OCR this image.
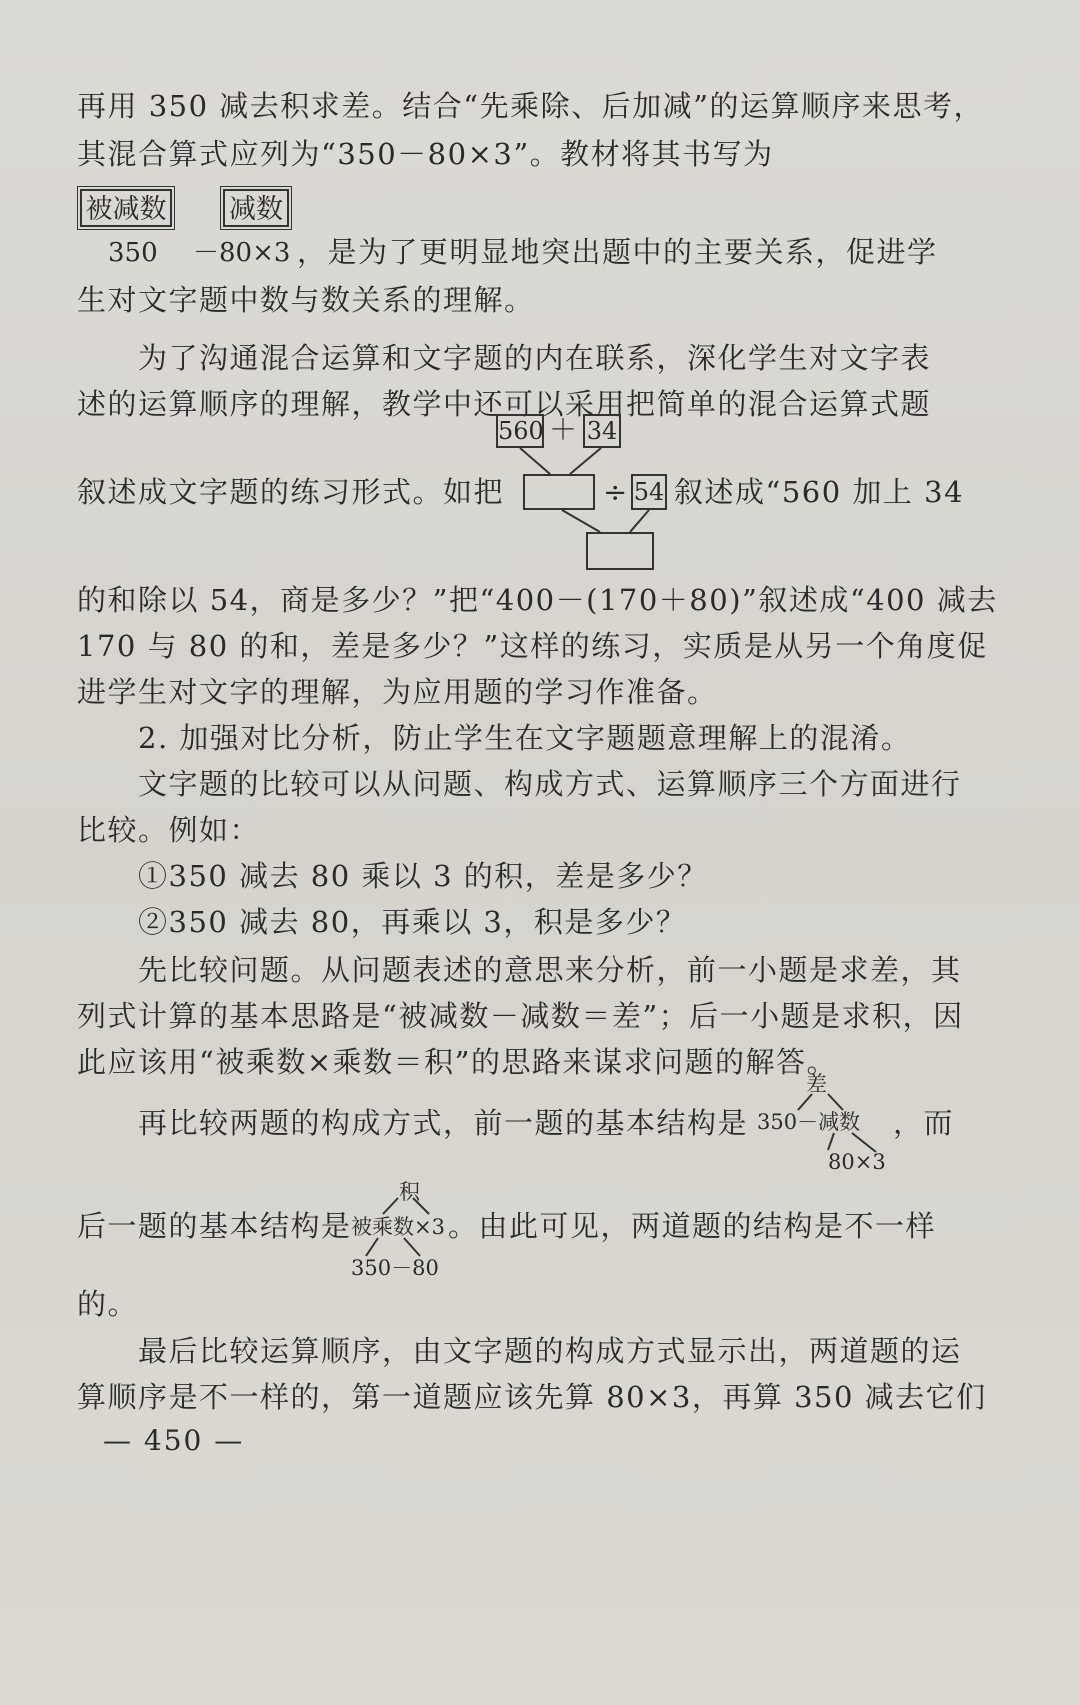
再用 350 减去积求差。结合“先乘除、后加减”的运算顺序来思考，
其混合算式应列为“350－80×3”。教材将其书写为
被减数 减数
350 －80×3 ，是为了更明显地突出题中的主要关系，促进学
生对文字题中数与数关系的理解。
为了沟通混合运算和文字题的内在联系，深化学生对文字表
述的运算顺序的理解，教学中还可以采用把简单的混合运算式题
560 ＋ 34
÷ 54
叙述成文字题的练习形式。如把	叙述成“560 加上 34
的和除以 54，商是多少？”把“400－(170＋80)”叙述成“400 减去
170 与 80 的和，差是多少？”这样的练习，实质是从另一个角度促
进学生对文字的理解，为应用题的学习作准备。
2. 加强对比分析，防止学生在文字题题意理解上的混淆。
文字题的比较可以从问题、构成方式、运算顺序三个方面进行
比较。例如：
①350 减去 80 乘以 3 的积，差是多少？
②350 减去 80，再乘以 3，积是多少？
先比较问题。从问题表述的意思来分析，前一小题是求差，其
列式计算的基本思路是“被减数－减数＝差”；后一小题是求积，因
此应该用“被乘数×乘数＝积”的思路来谋求问题的解答。
再比较两题的构成方式，前一题的基本结构是
差
350－减数
80×3
，而
后一题的基本结构是
积
被乘数×3
350－80
。由此可见，两道题的结构是不一样
的。
最后比较运算顺序，由文字题的构成方式显示出，两道题的运
算顺序是不一样的，第一道题应该先算 80×3，再算 350 减去它们
— 450 —
